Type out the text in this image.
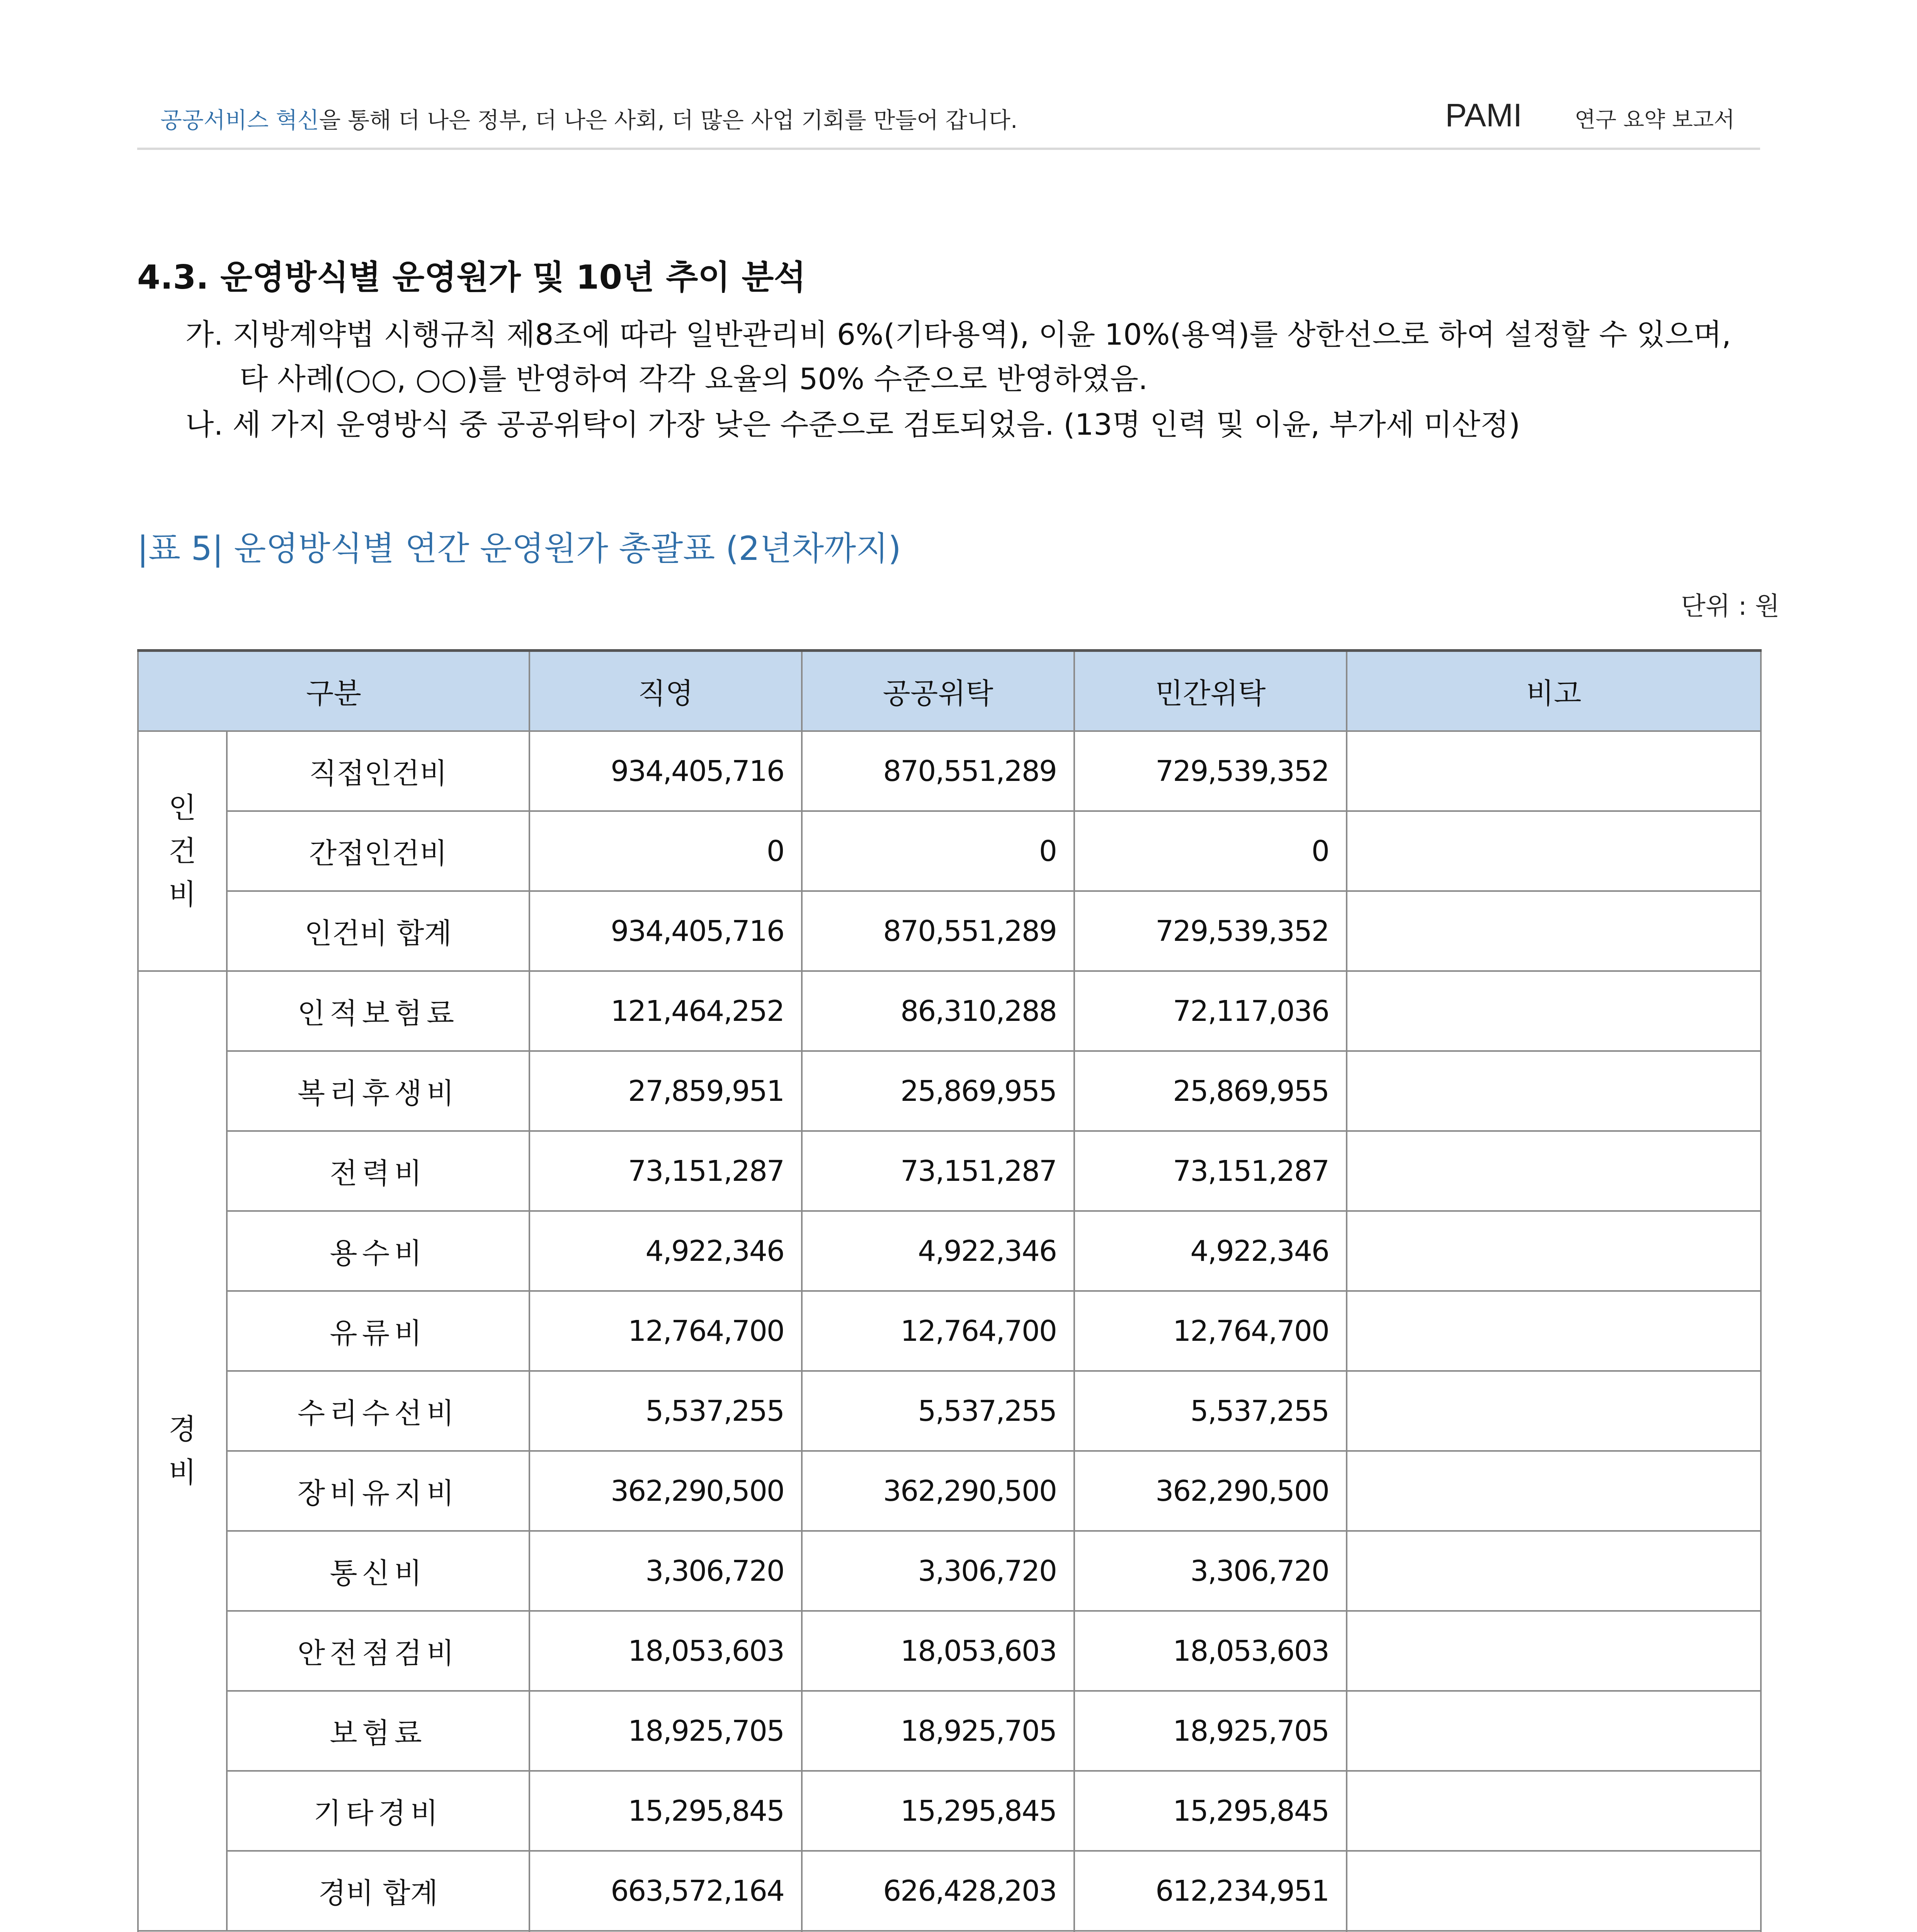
공공서비스 혁신을 통해 더 나은 정부, 더 나은 사회, 더 많은 사업 기회를 만들어 갑니다.	PAMI 연구 요약 보고서
4.3. 운영방식별 운영원가 및 10년 추이 분석
가. 지방계약법 시행규칙 제8조에 따라 일반관리비 6%(기타용역), 이윤 10%(용역)를 상한선으로 하여 설정할 수 있으며,
타 사례(○○, ○○)를 반영하여 각각 요율의 50% 수준으로 반영하였음.
나. 세 가지 운영방식 중 공공위탁이 가장 낮은 수준으로 검토되었음. (13명 인력 및 이윤, 부가세 미산정)
|표 5| 운영방식별 연간 운영원가 총괄표 (2년차까지)
단위 : 원
구분		직영	공공위탁	민간위탁	비고
인
건
비	직접인건비	934,405,716	870,551,289	729,539,352	
	간접인건비	0	0	0	
	인건비 합계	934,405,716	870,551,289	729,539,352	
경
비	인적보험료	121,464,252	86,310,288	72,117,036	
	복리후생비	27,859,951	25,869,955	25,869,955	
	전력비	73,151,287	73,151,287	73,151,287	
	용수비	4,922,346	4,922,346	4,922,346	
	유류비	12,764,700	12,764,700	12,764,700	
	수리수선비	5,537,255	5,537,255	5,537,255	
	장비유지비	362,290,500	362,290,500	362,290,500	
	통신비	3,306,720	3,306,720	3,306,720	
	안전점검비	18,053,603	18,053,603	18,053,603	
	보험료	18,925,705	18,925,705	18,925,705	
	기타경비	15,295,845	15,295,845	15,295,845	
	경비 합계	663,572,164	626,428,203	612,234,951	
